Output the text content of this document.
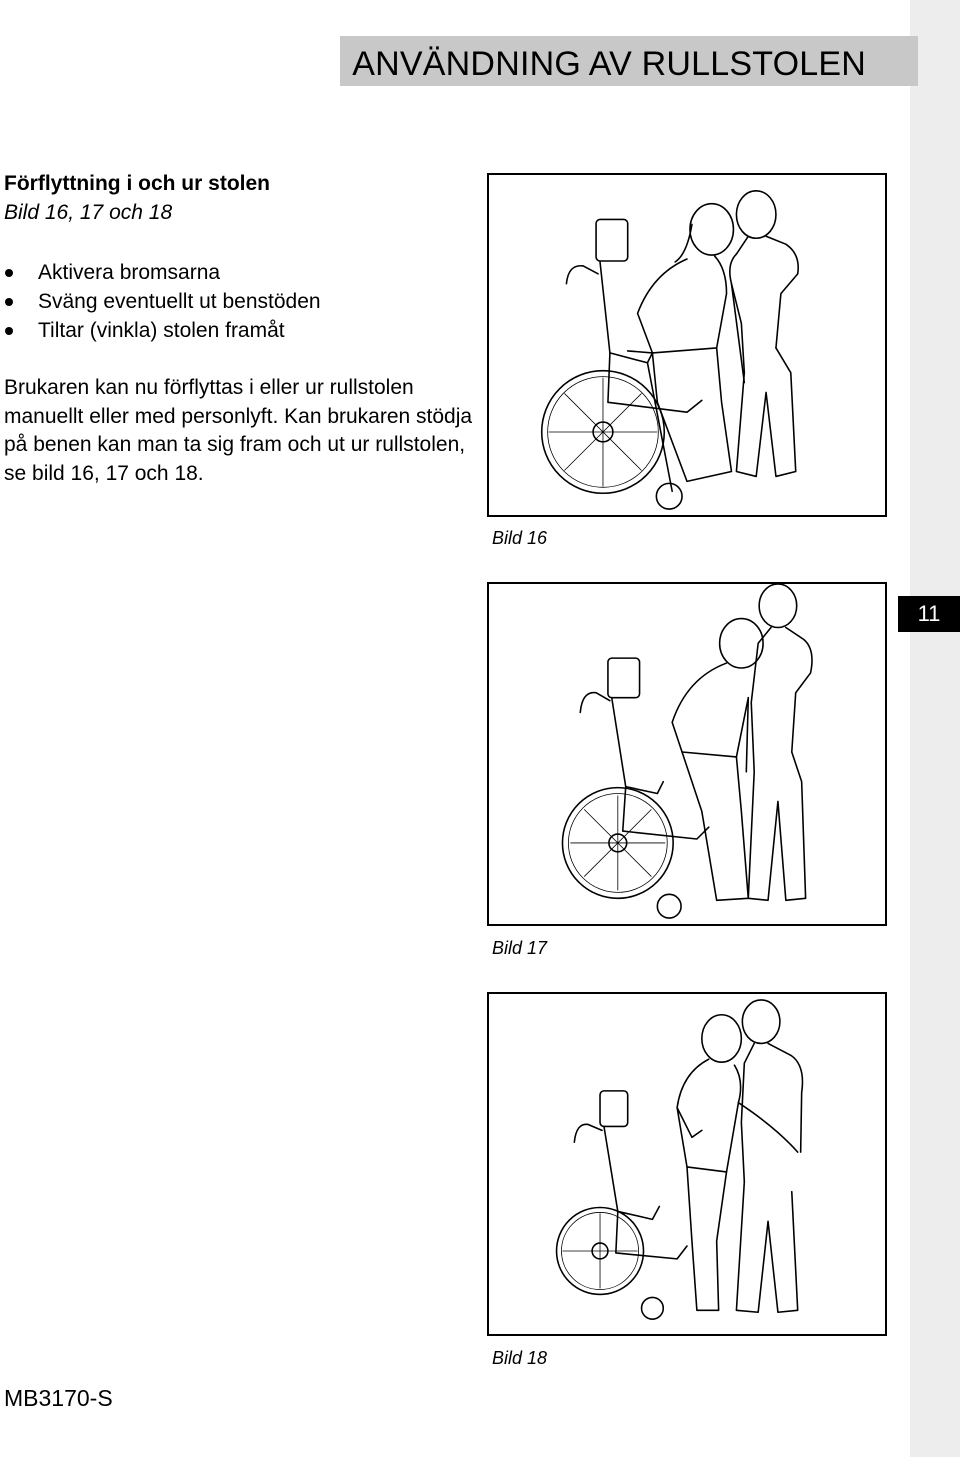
ANVÄNDNING AV RULLSTOLEN
Förflyttning i och ur stolen
Bild 16, 17 och 18
Aktivera bromsarna
Sväng eventuellt ut benstöden
Tiltar (vinkla) stolen framåt

Brukaren kan nu förflyttas i eller ur rullstolen manuellt eller med personlyft. Kan brukaren stödja på benen kan man ta sig fram och ut ur rullstolen, se bild 16, 17 och 18.

Bild 16
11
Bild 17
Bild 18
MB3170-S
